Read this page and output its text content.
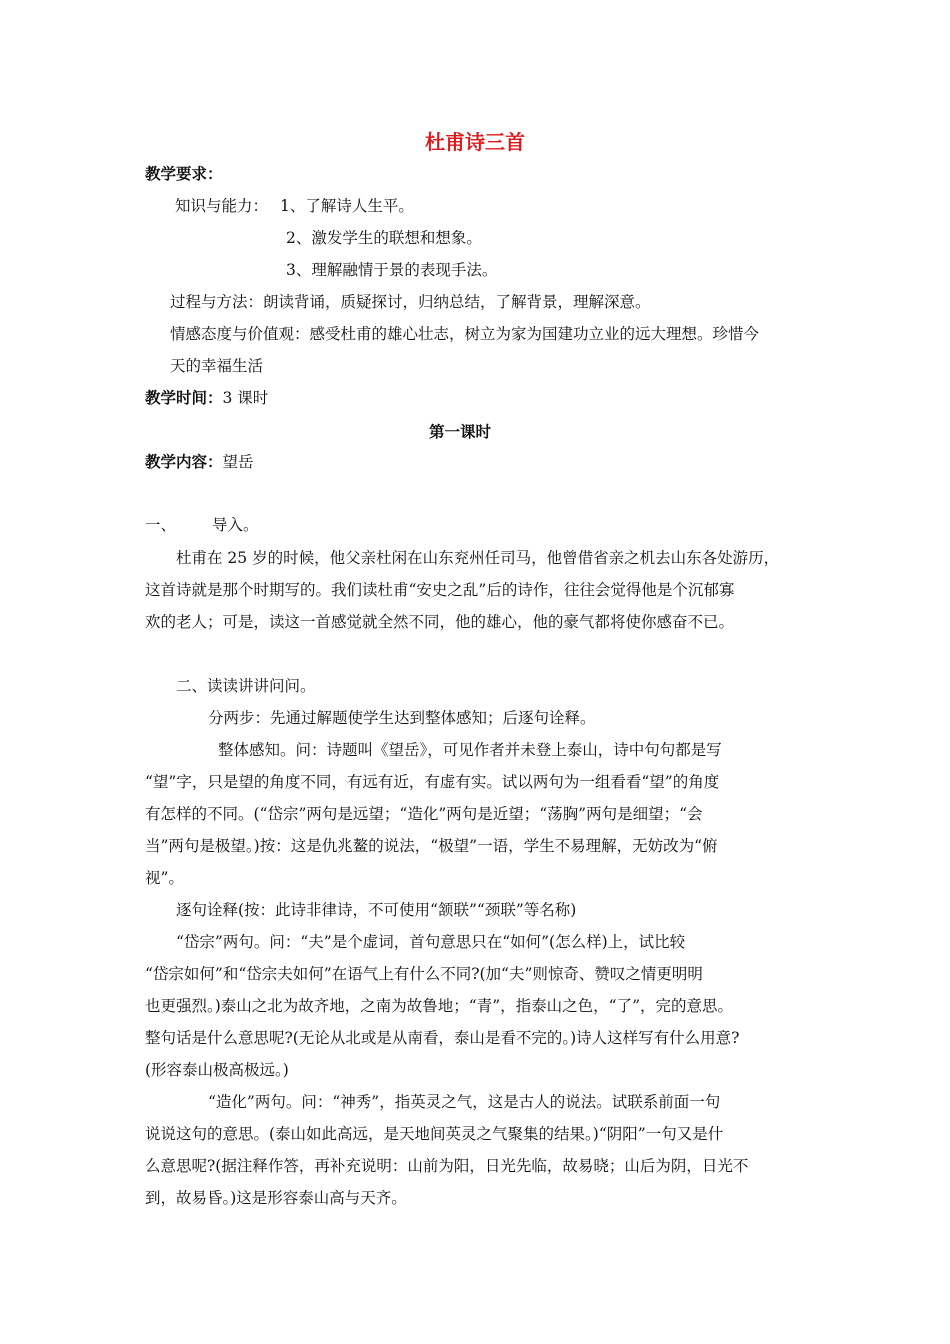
杜甫诗三首
教学要求：
知识与能力： 1、了解诗人生平。
2、激发学生的联想和想象。
3、理解融情于景的表现手法。
过程与方法：朗读背诵，质疑探讨，归纳总结，了解背景，理解深意。
情感态度与价值观：感受杜甫的雄心壮志，树立为家为国建功立业的远大理想。珍惜今
天的幸福生活
教学时间：3 课时
第一课时
教学内容：望岳
一、 导入。
杜甫在 25 岁的时候，他父亲杜闲在山东兖州任司马，他曾借省亲之机去山东各处游历，
这首诗就是那个时期写的。我们读杜甫“安史之乱”后的诗作，往往会觉得他是个沉郁寡
欢的老人；可是，读这一首感觉就全然不同，他的雄心，他的豪气都将使你感奋不已。
二、读读讲讲问问。
分两步：先通过解题使学生达到整体感知；后逐句诠释。
整体感知。问：诗题叫《望岳》，可见作者并未登上泰山，诗中句句都是写
“望”字，只是望的角度不同，有远有近，有虚有实。试以两句为一组看看“望”的角度
有怎样的不同。(“岱宗”两句是远望；“造化”两句是近望；“荡胸”两句是细望；“会
当”两句是极望。)按：这是仇兆鳌的说法，“极望”一语，学生不易理解，无妨改为“俯
视”。
逐句诠释(按：此诗非律诗，不可使用“颔联”“颈联”等名称)
“岱宗”两句。问：“夫”是个虚词，首句意思只在“如何”(怎么样)上，试比较
“岱宗如何”和“岱宗夫如何”在语气上有什么不同?(加“夫”则惊奇、赞叹之情更明明
也更强烈。)泰山之北为故齐地，之南为故鲁地；“青”，指泰山之色，“了”，完的意思。
整句话是什么意思呢?(无论从北或是从南看，泰山是看不完的。)诗人这样写有什么用意?
(形容泰山极高极远。)
“造化”两句。问：“神秀”，指英灵之气，这是古人的说法。试联系前面一句
说说这句的意思。(泰山如此高远，是天地间英灵之气聚集的结果。)“阴阳”一句又是什
么意思呢?(据注释作答，再补充说明：山前为阳，日光先临，故易晓；山后为阴，日光不
到，故易昏。)这是形容泰山高与天齐。
